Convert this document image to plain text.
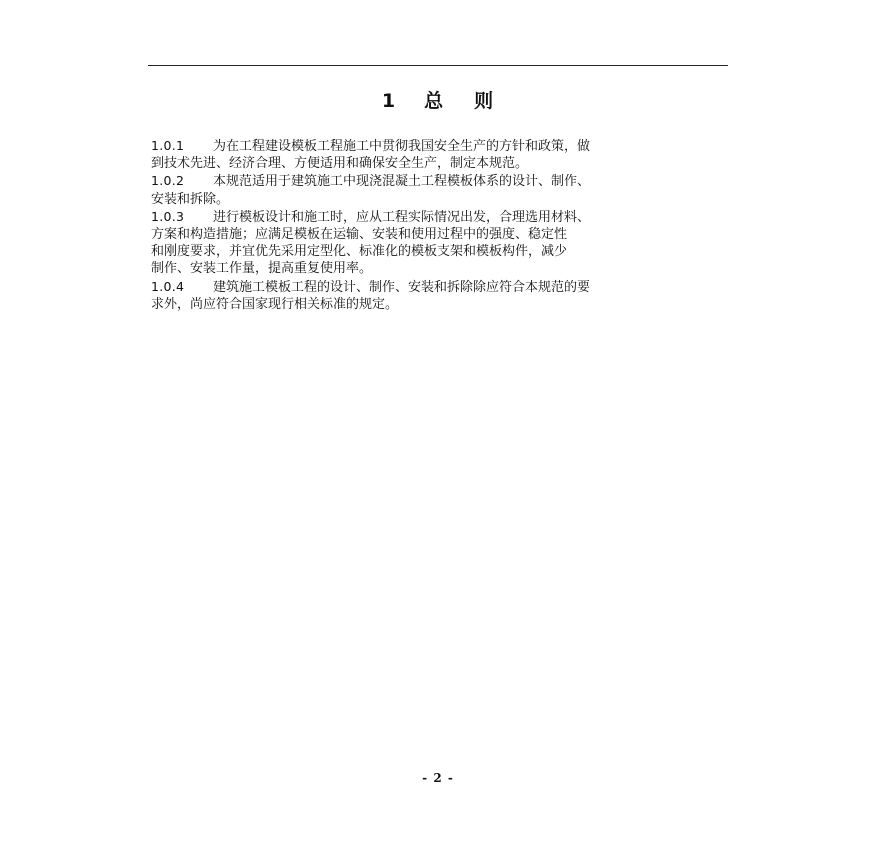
1 总 则

1.0.1 为在工程建设模板工程施工中贯彻我国安全生产的方针和政策，做
到技术先进、经济合理、方便适用和确保安全生产，制定本规范。

1.0.2 本规范适用于建筑施工中现浇混凝土工程模板体系的设计、制作、
安装和拆除。

1.0.3 进行模板设计和施工时，应从工程实际情况出发，合理选用材料、
方案和构造措施；应满足模板在运输、安装和使用过程中的强度、稳定性
和刚度要求，并宜优先采用定型化、标准化的模板支架和模板构件，减少
制作、安装工作量，提高重复使用率。

1.0.4 建筑施工模板工程的设计、制作、安装和拆除除应符合本规范的要
求外，尚应符合国家现行相关标准的规定。

- 2 -
